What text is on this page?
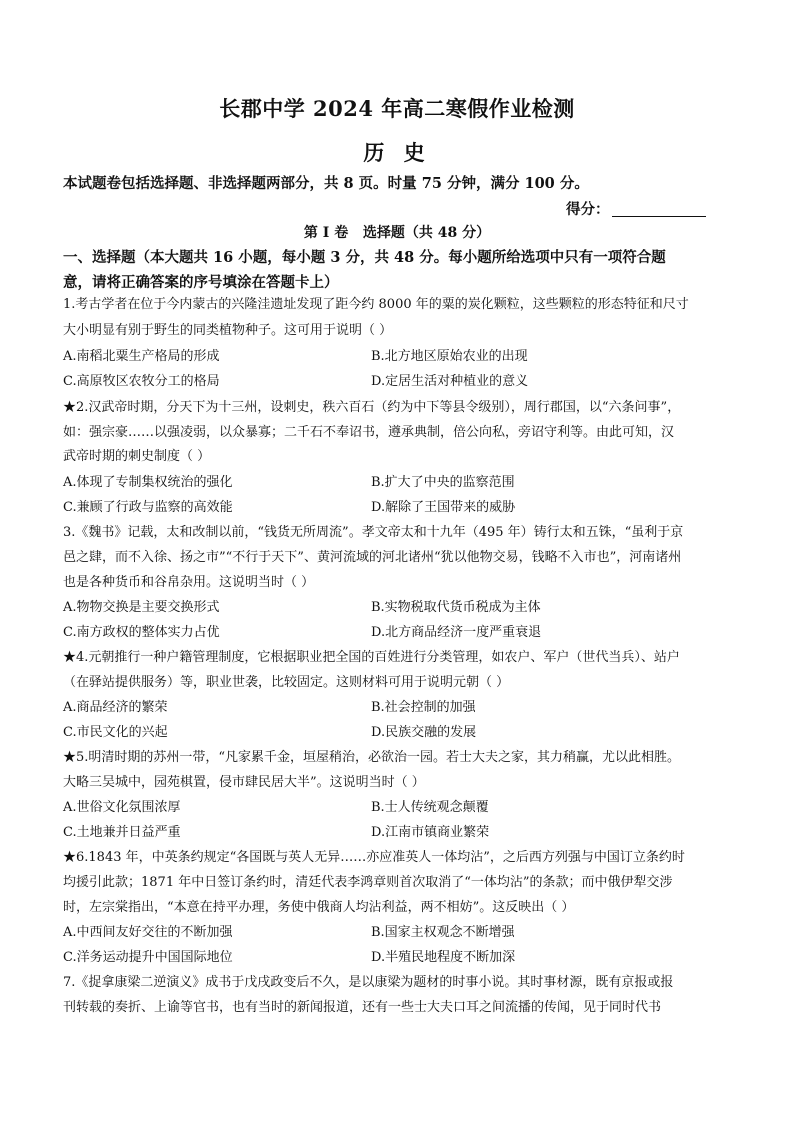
长郡中学 2024 年高二寒假作业检测
历 史
本试题卷包括选择题、非选择题两部分，共 8 页。时量 75 分钟，满分 100 分。
得分：
第 I 卷   选择题（共 48 分）
一、选择题（本大题共 16 小题，每小题 3 分，共 48 分。每小题所给选项中只有一项符合题
意，请将正确答案的序号填涂在答题卡上）
1.考古学者在位于今内蒙古的兴隆洼遗址发现了距今约 8000 年的粟的炭化颗粒，这些颗粒的形态特征和尺寸
大小明显有别于野生的同类植物种子。这可用于说明（ ）
A.南稻北粟生产格局的形成	B.北方地区原始农业的出现
C.高原牧区农牧分工的格局	D.定居生活对种植业的意义
★2.汉武帝时期，分天下为十三州，设刺史，秩六百石（约为中下等县令级别），周行郡国，以“六条问事”，
如：强宗豪……以强凌弱，以众暴寡；二千石不奉诏书，遵承典制，倍公向私，旁诏守利等。由此可知，汉
武帝时期的刺史制度（ ）
A.体现了专制集权统治的强化	B.扩大了中央的监察范围
C.兼顾了行政与监察的高效能	D.解除了王国带来的威胁
3.《魏书》记载，太和改制以前，“钱货无所周流”。孝文帝太和十九年（495 年）铸行太和五铢，“虽利于京
邑之肆，而不入徐、扬之市”“不行于天下”、黄河流域的河北诸州“犹以他物交易，钱略不入市也”，河南诸州
也是各种货币和谷帛杂用。这说明当时（ ）
A.物物交换是主要交换形式	B.实物税取代货币税成为主体
C.南方政权的整体实力占优	D.北方商品经济一度严重衰退
★4.元朝推行一种户籍管理制度，它根据职业把全国的百姓进行分类管理，如农户、军户（世代当兵）、站户
（在驿站提供服务）等，职业世袭，比较固定。这则材料可用于说明元朝（ ）
A.商品经济的繁荣	B.社会控制的加强
C.市民文化的兴起	D.民族交融的发展
★5.明清时期的苏州一带，“凡家累千金，垣屋稍治，必欲治一园。若士大夫之家，其力稍赢，尤以此相胜。
大略三吴城中，园苑棋置，侵市肆民居大半”。这说明当时（ ）
A.世俗文化氛围浓厚	B.士人传统观念颠覆
C.土地兼并日益严重	D.江南市镇商业繁荣
★6.1843 年，中英条约规定“各国既与英人无异……亦应准英人一体均沾”，之后西方列强与中国订立条约时
均援引此款；1871 年中日签订条约时，清廷代表李鸿章则首次取消了“一体均沾”的条款；而中俄伊犁交涉
时，左宗棠指出，“本意在持平办理，务使中俄商人均沾利益，两不相妨”。这反映出（ ）
A.中西间友好交往的不断加强	B.国家主权观念不断增强
C.洋务运动提升中国国际地位	D.半殖民地程度不断加深
7.《捉拿康梁二逆演义》成书于戊戌政变后不久，是以康梁为题材的时事小说。其时事材源，既有京报或报
刊转载的奏折、上谕等官书，也有当时的新闻报道，还有一些士大夫口耳之间流播的传闻，见于同时代书
